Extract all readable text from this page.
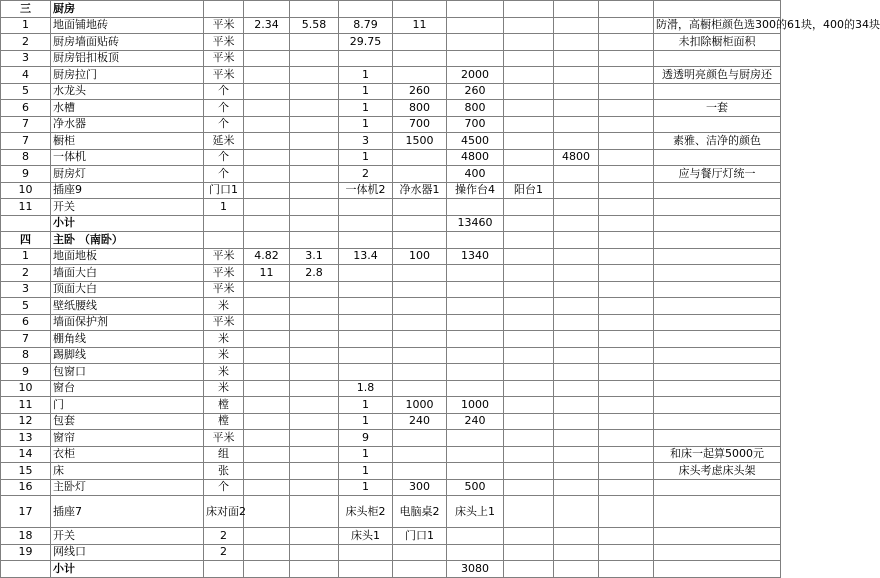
三	厨房										
1	地面铺地砖	平米	2.34	5.58	8.79	11					防滑，高橱柜颜色选300的61块，400的34块
2	厨房墙面贴砖	平米			29.75						未扣除橱柜面积
3	厨房铝扣板顶	平米									
4	厨房拉门	平米			1		2000				透透明亮颜色与厨房还
5	水龙头	个			1	260	260				
6	水槽	个			1	800	800				一套
7	净水器	个			1	700	700				
7	橱柜	延米			3	1500	4500				素雅、洁净的颜色
8	一体机	个			1		4800		4800		
9	厨房灯	个			2		400				应与餐厅灯统一
10	插座9	门口1			一体机2	净水器1	操作台4	阳台1			
11	开关	1									
	小计						13460				
四	主卧 （南卧）										
1	地面地板	平米	4.82	3.1	13.4	100	1340				
2	墙面大白	平米	11	2.8							
3	顶面大白	平米									
5	壁纸腰线	米									
6	墙面保护剂	平米									
7	棚角线	米									
8	踢脚线	米									
9	包窗口	米									
10	窗台	米			1.8						
11	门	樘			1	1000	1000				
12	包套	樘			1	240	240				
13	窗帘	平米			9						
14	衣柜	组			1						和床一起算5000元
15	床	张			1						床头考虑床头架
16	主卧灯	个			1	300	500				
17	插座7	床对面2			床头柜2	电脑桌2	床头上1				
18	开关	2			床头1	门口1					
19	网线口	2									
	小计						3080				
